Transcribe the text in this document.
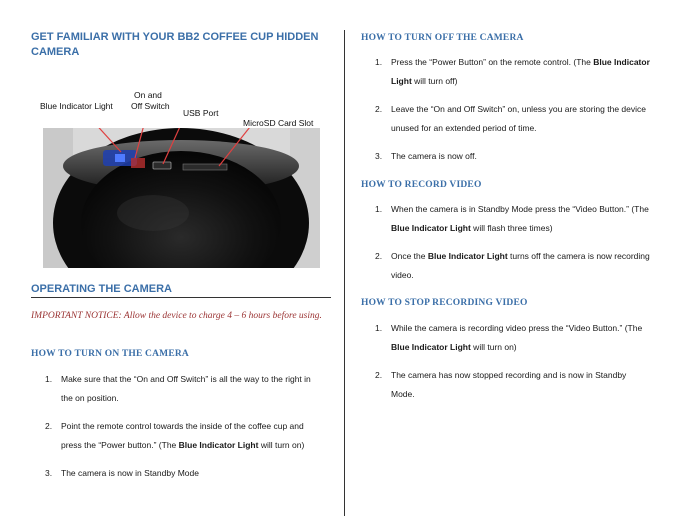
GET FAMILIAR WITH YOUR BB2 COFFEE CUP HIDDEN CAMERA
Blue Indicator Light
On and
Off Switch
USB Port
MicroSD Card Slot
OPERATING THE CAMERA

IMPORTANT NOTICE: Allow the device to charge 4 – 6 hours before using.

HOW TO TURN ON THE CAMERA
1. Make sure that the “On and Off Switch” is all the way to the right in the on position.
2. Point the remote control towards the inside of the coffee cup and press the “Power button.” (The Blue Indicator Light will turn on)
3. The camera is now in Standby Mode
HOW TO TURN OFF THE CAMERA
1. Press the “Power Button” on the remote control. (The Blue Indicator Light will turn off)
2. Leave the “On and Off Switch” on, unless you are storing the device unused for an extended period of time.
3. The camera is now off.
HOW TO RECORD VIDEO
1. When the camera is in Standby Mode press the “Video Button.” (The Blue Indicator Light will flash three times)
2. Once the Blue Indicator Light turns off the camera is now recording video.
HOW TO STOP RECORDING VIDEO
1. While the camera is recording video press the “Video Button.” (The Blue Indicator Light will turn on)
2. The camera has now stopped recording and is now in Standby Mode.
